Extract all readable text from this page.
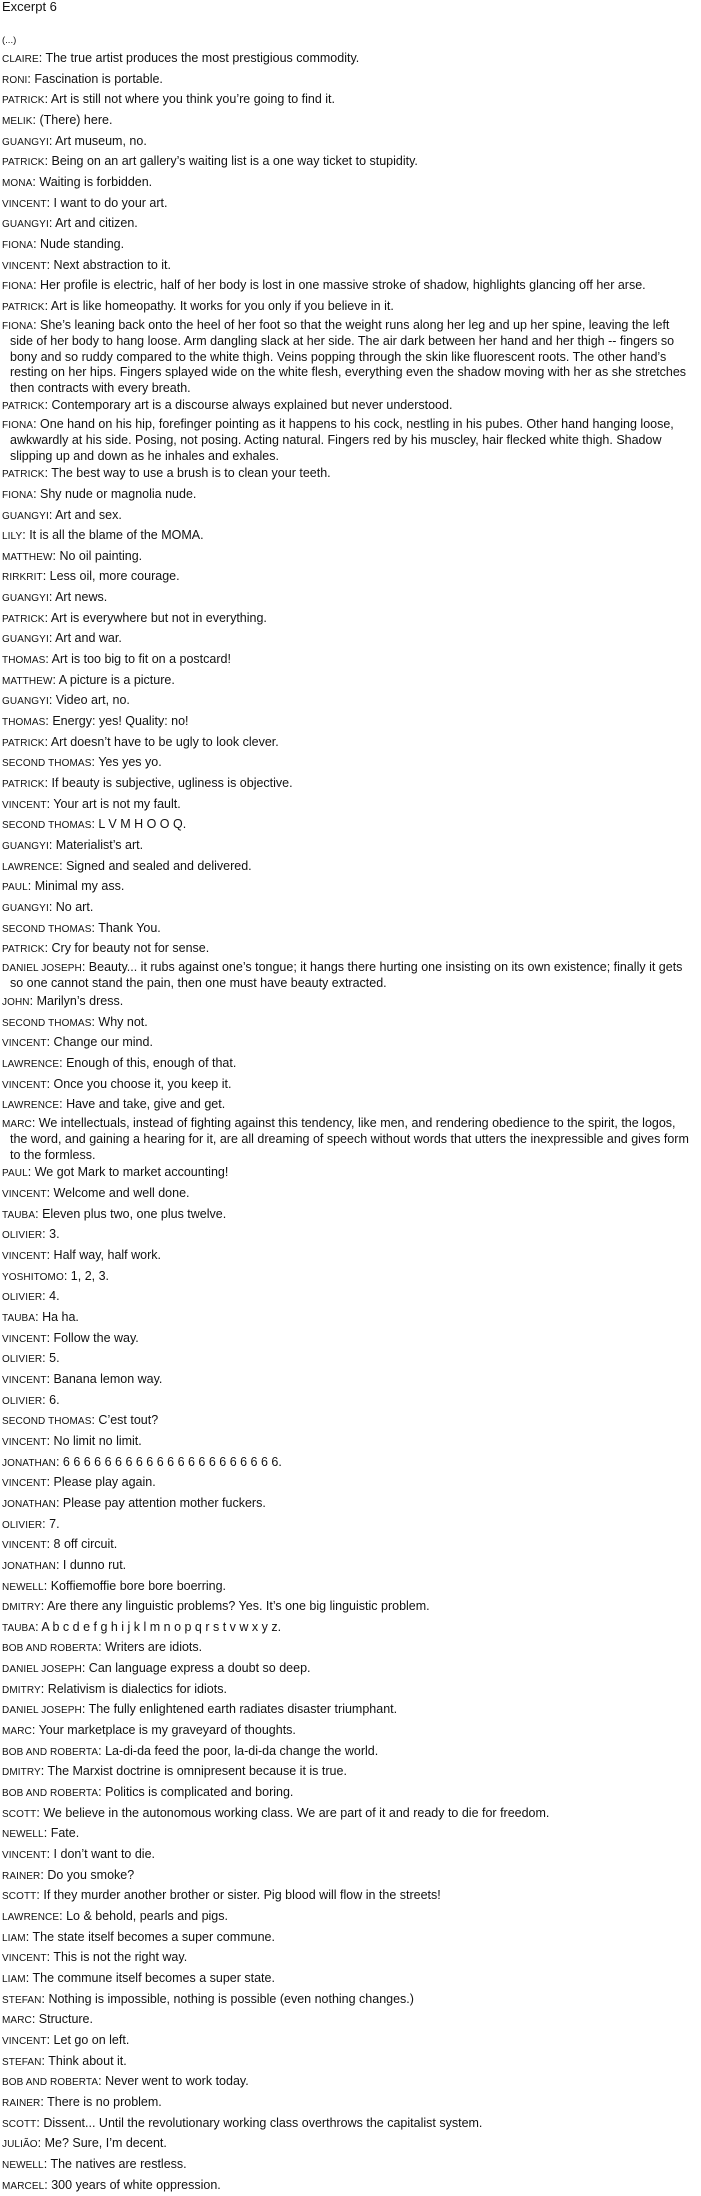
Excerpt 6
(...)
CLAIRE: The true artist produces the most prestigious commodity.
RONI: Fascination is portable.
PATRICK: Art is still not where you think you’re going to find it.
MELIK: (There) here.
GUANGYI: Art museum, no.
PATRICK: Being on an art gallery’s waiting list is a one way ticket to stupidity.
MONA: Waiting is forbidden.
VINCENT: I want to do your art.
GUANGYI: Art and citizen.
FIONA: Nude standing.
VINCENT: Next abstraction to it.
FIONA: Her profile is electric, half of her body is lost in one massive stroke of shadow, highlights glancing off her arse.
PATRICK: Art is like homeopathy. It works for you only if you believe in it.
FIONA: She’s leaning back onto the heel of her foot so that the weight runs along her leg and up her spine, leaving the left side of her body to hang loose. Arm dangling slack at her side. The air dark between her hand and her thigh -- fingers so bony and so ruddy compared to the white thigh. Veins popping through the skin like fluorescent roots. The other hand’s resting on her hips. Fingers splayed wide on the white flesh, everything even the shadow moving with her as she stretches then contracts with every breath.
PATRICK: Contemporary art is a discourse always explained but never understood.
FIONA: One hand on his hip, forefinger pointing as it happens to his cock, nestling in his pubes. Other hand hanging loose, awkwardly at his side. Posing, not posing. Acting natural. Fingers red by his muscley, hair flecked white thigh. Shadow slipping up and down as he inhales and exhales.
PATRICK: The best way to use a brush is to clean your teeth.
FIONA: Shy nude or magnolia nude.
GUANGYI: Art and sex.
LILY: It is all the blame of the MOMA.
MATTHEW: No oil painting.
RIRKRIT: Less oil, more courage.
GUANGYI: Art news.
PATRICK: Art is everywhere but not in everything.
GUANGYI: Art and war.
THOMAS: Art is too big to fit on a postcard!
MATTHEW: A picture is a picture.
GUANGYI: Video art, no.
THOMAS: Energy: yes! Quality: no!
PATRICK: Art doesn’t have to be ugly to look clever.
SECOND THOMAS: Yes yes yo.
PATRICK: If beauty is subjective, ugliness is objective.
VINCENT: Your art is not my fault.
SECOND THOMAS: L V M H O O Q.
GUANGYI: Materialist’s art.
LAWRENCE: Signed and sealed and delivered.
PAUL: Minimal my ass.
GUANGYI: No art.
SECOND THOMAS: Thank You.
PATRICK: Cry for beauty not for sense.
DANIEL JOSEPH: Beauty... it rubs against one’s tongue; it hangs there hurting one insisting on its own existence; finally it gets so one cannot stand the pain, then one must have beauty extracted.
JOHN: Marilyn’s dress.
SECOND THOMAS: Why not.
VINCENT: Change our mind.
LAWRENCE: Enough of this, enough of that.
VINCENT: Once you choose it, you keep it.
LAWRENCE: Have and take, give and get.
MARC: We intellectuals, instead of fighting against this tendency, like men, and rendering obedience to the spirit, the logos, the word, and gaining a hearing for it, are all dreaming of speech without words that utters the inexpressible and gives form to the formless.
PAUL: We got Mark to market accounting!
VINCENT: Welcome and well done.
TAUBA: Eleven plus two, one plus twelve.
OLIVIER: 3.
VINCENT: Half way, half work.
YOSHITOMO: 1, 2, 3.
OLIVIER: 4.
TAUBA: Ha ha.
VINCENT: Follow the way.
OLIVIER: 5.
VINCENT: Banana lemon way.
OLIVIER: 6.
SECOND THOMAS: C’est tout?
VINCENT: No limit no limit.
JONATHAN: 6 6 6 6 6 6 6 6 6 6 6 6 6 6 6 6 6 6 6 6 6.
VINCENT: Please play again.
JONATHAN: Please pay attention mother fuckers.
OLIVIER: 7.
VINCENT: 8 off circuit.
JONATHAN: I dunno rut.
NEWELL: Koffiemoffie bore bore boerring.
DMITRY: Are there any linguistic problems? Yes. It’s one big linguistic problem.
TAUBA: A b c d e f g h i j k l m n o p q r s t v w x y z.
BOB AND ROBERTA: Writers are idiots.
DANIEL JOSEPH: Can language express a doubt so deep.
DMITRY: Relativism is dialectics for idiots.
DANIEL JOSEPH: The fully enlightened earth radiates disaster triumphant.
MARC: Your marketplace is my graveyard of thoughts.
BOB AND ROBERTA: La-di-da feed the poor, la-di-da change the world.
DMITRY: The Marxist doctrine is omnipresent because it is true.
BOB AND ROBERTA: Politics is complicated and boring.
SCOTT: We believe in the autonomous working class. We are part of it and ready to die for freedom.
NEWELL: Fate.
VINCENT: I don’t want to die.
RAINER: Do you smoke?
SCOTT: If they murder another brother or sister. Pig blood will flow in the streets!
LAWRENCE: Lo & behold, pearls and pigs.
LIAM: The state itself becomes a super commune.
VINCENT: This is not the right way.
LIAM: The commune itself becomes a super state.
STEFAN: Nothing is impossible, nothing is possible (even nothing changes.)
MARC: Structure.
VINCENT: Let go on left.
STEFAN: Think about it.
BOB AND ROBERTA: Never went to work today.
RAINER: There is no problem.
SCOTT: Dissent... Until the revolutionary working class overthrows the capitalist system.
JULIÃO: Me? Sure, I’m decent.
NEWELL: The natives are restless.
MARCEL: 300 years of white oppression.
